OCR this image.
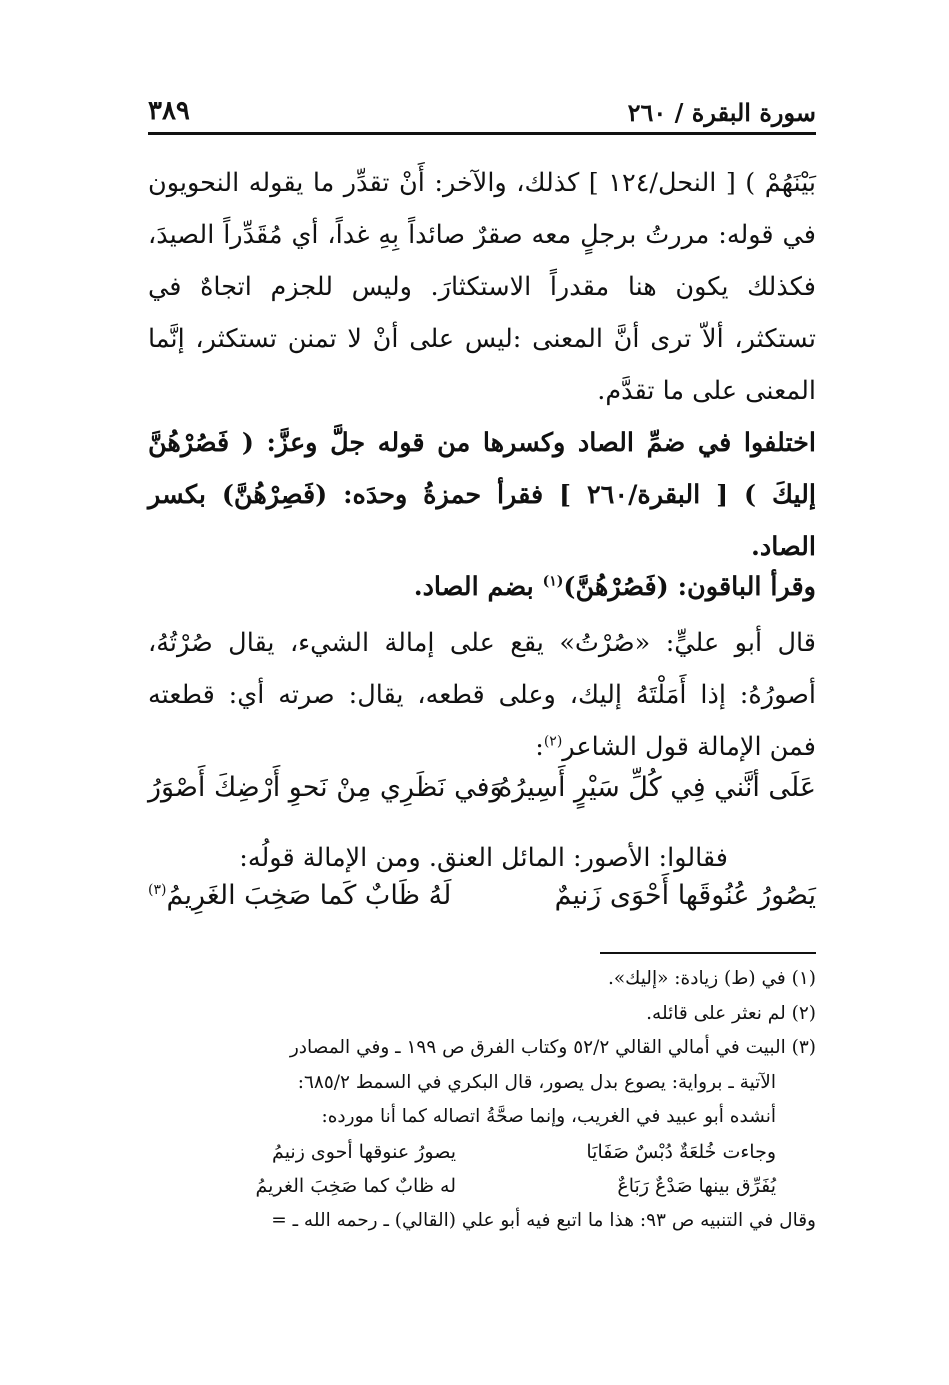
سورة البقرة / ٢٦٠
٣٨٩

بَيْنَهُمْ ) [ النحل/١٢٤ ] كذلك، والآخر: أَنْ تقدِّر ما يقوله النحويون في قوله: مررتُ برجلٍ معه صقرٌ صائداً بِهِ غداً، أي مُقَدِّراً الصيدَ، فكذلك يكون هنا مقدراً الاستكثارَ. وليس للجزم اتجاهٌ في تستكثر، ألاّ ترى أنَّ المعنى :ليس على أنْ لا تمنن تستكثر، إنَّما المعنى على ما تقدَّم.

اختلفوا في ضمِّ الصاد وكسرها من قوله جلَّ وعزَّ: ( فَصُرْهُنَّ إليكَ ) [ البقرة/٢٦٠ ] فقرأ حمزةُ وحدَه: (فَصِرْهُنَّ) بكسر الصاد.

وقرأ الباقون: (فَصُرْهُنَّ)$^{(١)}$ بضم الصاد.

قال أبو عليٍّ: «صُرْتُ» يقع على إمالة الشيء، يقال صُرْتُهُ، أصورُهُ: إذا أَمَلْتَهُ إليك، وعلى قطعه، يقال: صرته أي: قطعته فمن الإمالة قول الشاعر$^{(٢)}$:

عَلَى أنَّني فِي كُلِّ سَيْرٍ أَسِيرُهُ
وَفي نَظَرِي مِنْ نَحوِ أَرْضِكَ أَصْوَرُ

فقالوا: الأصور: المائل العنق. ومن الإمالة قولُه:

يَصُورُ عُنُوقَها أَحْوَى زَنيمٌ
لَهُ ظَابٌ كَما صَخِبَ الغَرِيمُ$^{(٣)}$

(١) في (ط) زيادة: «إليك».

(٢) لم نعثر على قائله.

(٣) البيت في أمالي القالي ٥٢/٢ وكتاب الفرق ص ١٩٩ ـ وفي المصادر

الآتية ـ برواية: يصوع بدل يصور، قال البكري في السمط ٦٨٥/٢:

أنشده أبو عبيد في الغريب، وإنما صحَّةُ اتصاله كما أنا مورده:

وجاءت خُلعَةٌ دُبْسٌ صَفَايَا
يصورُ عنوقها أحوى زنيمُ
يُفَرِّق بينها صَدْعٌ رَبَاعٌ
له ظابٌ كما صَخِبَ الغريمُ

وقال في التنبيه ص ٩٣: هذا ما اتبع فيه أبو علي (القالي) ـ رحمه الله ـ =
